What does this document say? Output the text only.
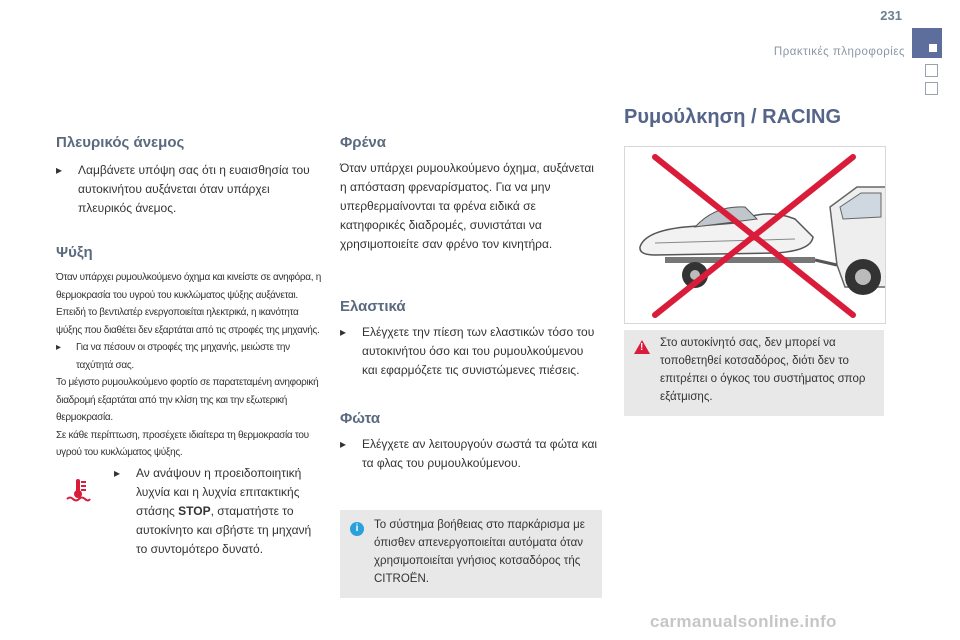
231
Πρακτικές πληροφορίες
Πλευρικός άνεμος
▸	Λαμβάνετε υπόψη σας ότι η ευαισθησία του αυτοκινήτου αυξάνεται όταν υπάρχει πλευρικός άνεμος.
Ψύξη
Όταν υπάρχει ρυμουλκούμενο όχημα και κινείστε σε ανηφόρα, η θερμοκρασία του υγρού του κυκλώματος ψύξης αυξάνεται. Επειδή το βεντιλατέρ ενεργοποιείται ηλεκτρικά, η ικανότητα ψύξης που διαθέτει δεν εξαρτάται από τις στροφές της μηχανής.
▸	Για να πέσουν οι στροφές της μηχανής, μειώστε την ταχύτητά σας.
Το μέγιστο ρυμουλκούμενο φορτίο σε παρατεταμένη ανηφορική διαδρομή εξαρτάται από την κλίση της και την εξωτερική θερμοκρασία.
Σε κάθε περίπτωση, προσέχετε ιδιαίτερα τη θερμοκρασία του υγρού του κυκλώματος ψύξης.
▸	Αν ανάψουν η προειδοποιητική λυχνία και η λυχνία επιτακτικής στάσης STOP, σταματήστε το αυτοκίνητο και σβήστε τη μηχανή το συντομότερο δυνατό.
Φρένα
Όταν υπάρχει ρυμουλκούμενο όχημα, αυξάνεται η απόσταση φρεναρίσματος. Για να μην υπερθερμαίνονται τα φρένα ειδικά σε κατηφορικές διαδρομές, συνιστάται να χρησιμοποιείτε σαν φρένο τον κινητήρα.
Ελαστικά
▸	Ελέγχετε την πίεση των ελαστικών τόσο του αυτοκινήτου όσο και του ρυμουλκούμενου και εφαρμόζετε τις συνιστώμενες πιέσεις.
Φώτα
▸	Ελέγχετε αν λειτουργούν σωστά τα φώτα και τα φλας του ρυμουλκούμενου.
i	Το σύστημα βοήθειας στο παρκάρισμα με όπισθεν απενεργοποιείται αυτόματα όταν χρησιμοποιείται γνήσιος κοτσαδόρος τής CITROËN.
Ρυμούλκηση / RACING
! Στο αυτοκίνητό σας, δεν μπορεί να τοποθετηθεί κοτσαδόρος, διότι δεν το επιτρέπει ο όγκος του συστήματος σπορ εξάτμισης.
carmanualsonline.info
